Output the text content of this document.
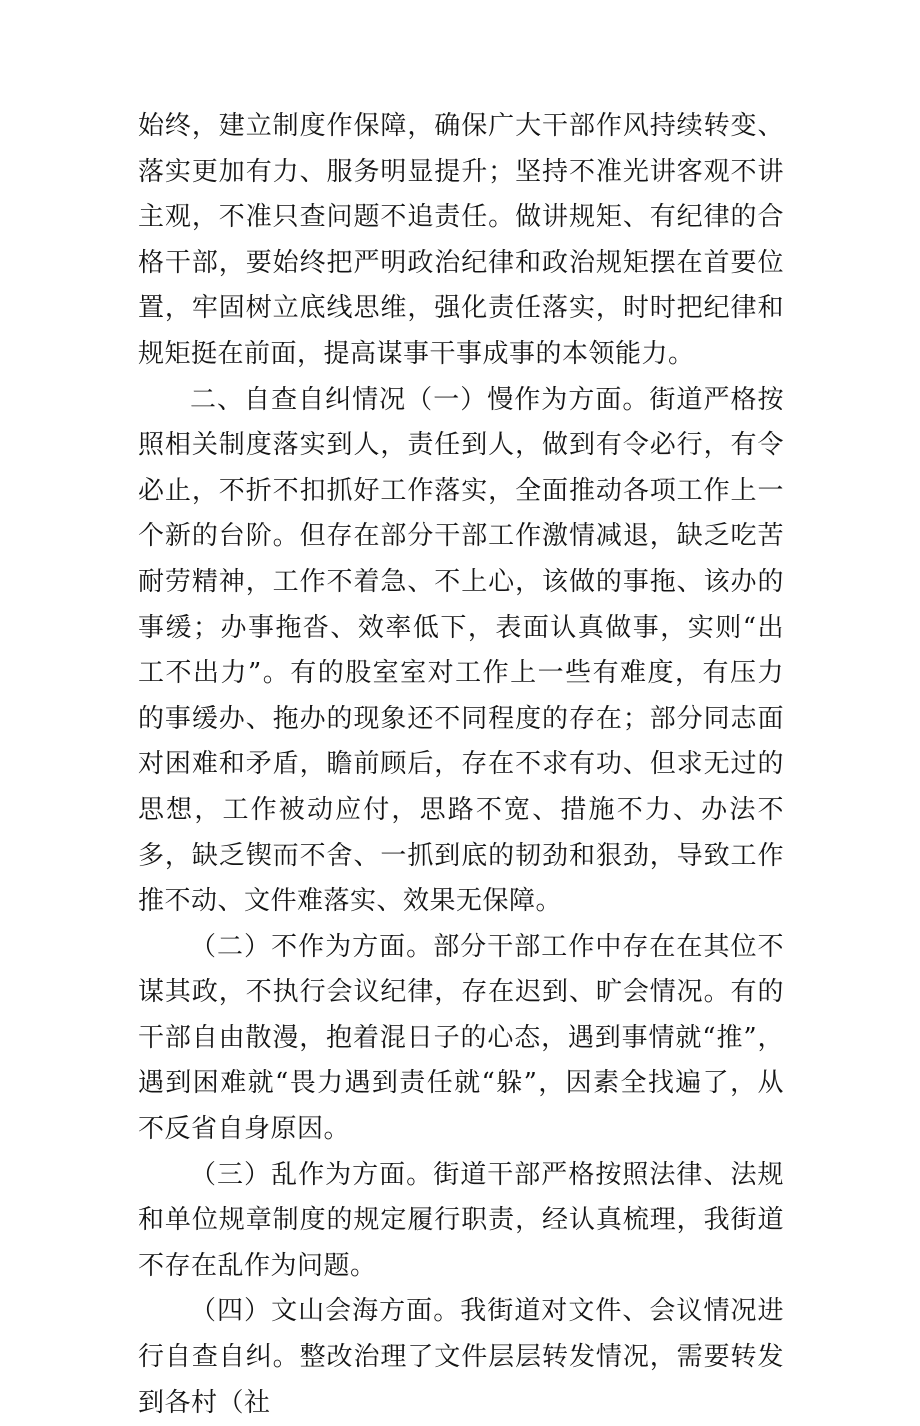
始终，建立制度作保障，确保广大干部作风持续转变、落实更加有力、服务明显提升；坚持不准光讲客观不讲主观，不准只查问题不追责任。做讲规矩、有纪律的合格干部，要始终把严明政治纪律和政治规矩摆在首要位置，牢固树立底线思维，强化责任落实，时时把纪律和规矩挺在前面，提高谋事干事成事的本领能力。

二、自查自纠情况（一）慢作为方面。街道严格按照相关制度落实到人，责任到人，做到有令必行，有令必止，不折不扣抓好工作落实，全面推动各项工作上一个新的台阶。但存在部分干部工作激情减退，缺乏吃苦耐劳精神，工作不着急、不上心，该做的事拖、该办的事缓；办事拖沓、效率低下，表面认真做事，实则“出工不出力”。有的股室室对工作上一些有难度，有压力的事缓办、拖办的现象还不同程度的存在；部分同志面对困难和矛盾，瞻前顾后，存在不求有功、但求无过的思想，工作被动应付，思路不宽、措施不力、办法不多，缺乏锲而不舍、一抓到底的韧劲和狠劲，导致工作推不动、文件难落实、效果无保障。

（二）不作为方面。部分干部工作中存在在其位不谋其政，不执行会议纪律，存在迟到、旷会情况。有的干部自由散漫，抱着混日子的心态，遇到事情就“推”，遇到困难就“畏力遇到责任就“躲”，因素全找遍了，从不反省自身原因。

（三）乱作为方面。街道干部严格按照法律、法规和单位规章制度的规定履行职责，经认真梳理，我街道不存在乱作为问题。

（四）文山会海方面。我街道对文件、会议情况进行自查自纠。整改治理了文件层层转发情况，需要转发到各村（社
